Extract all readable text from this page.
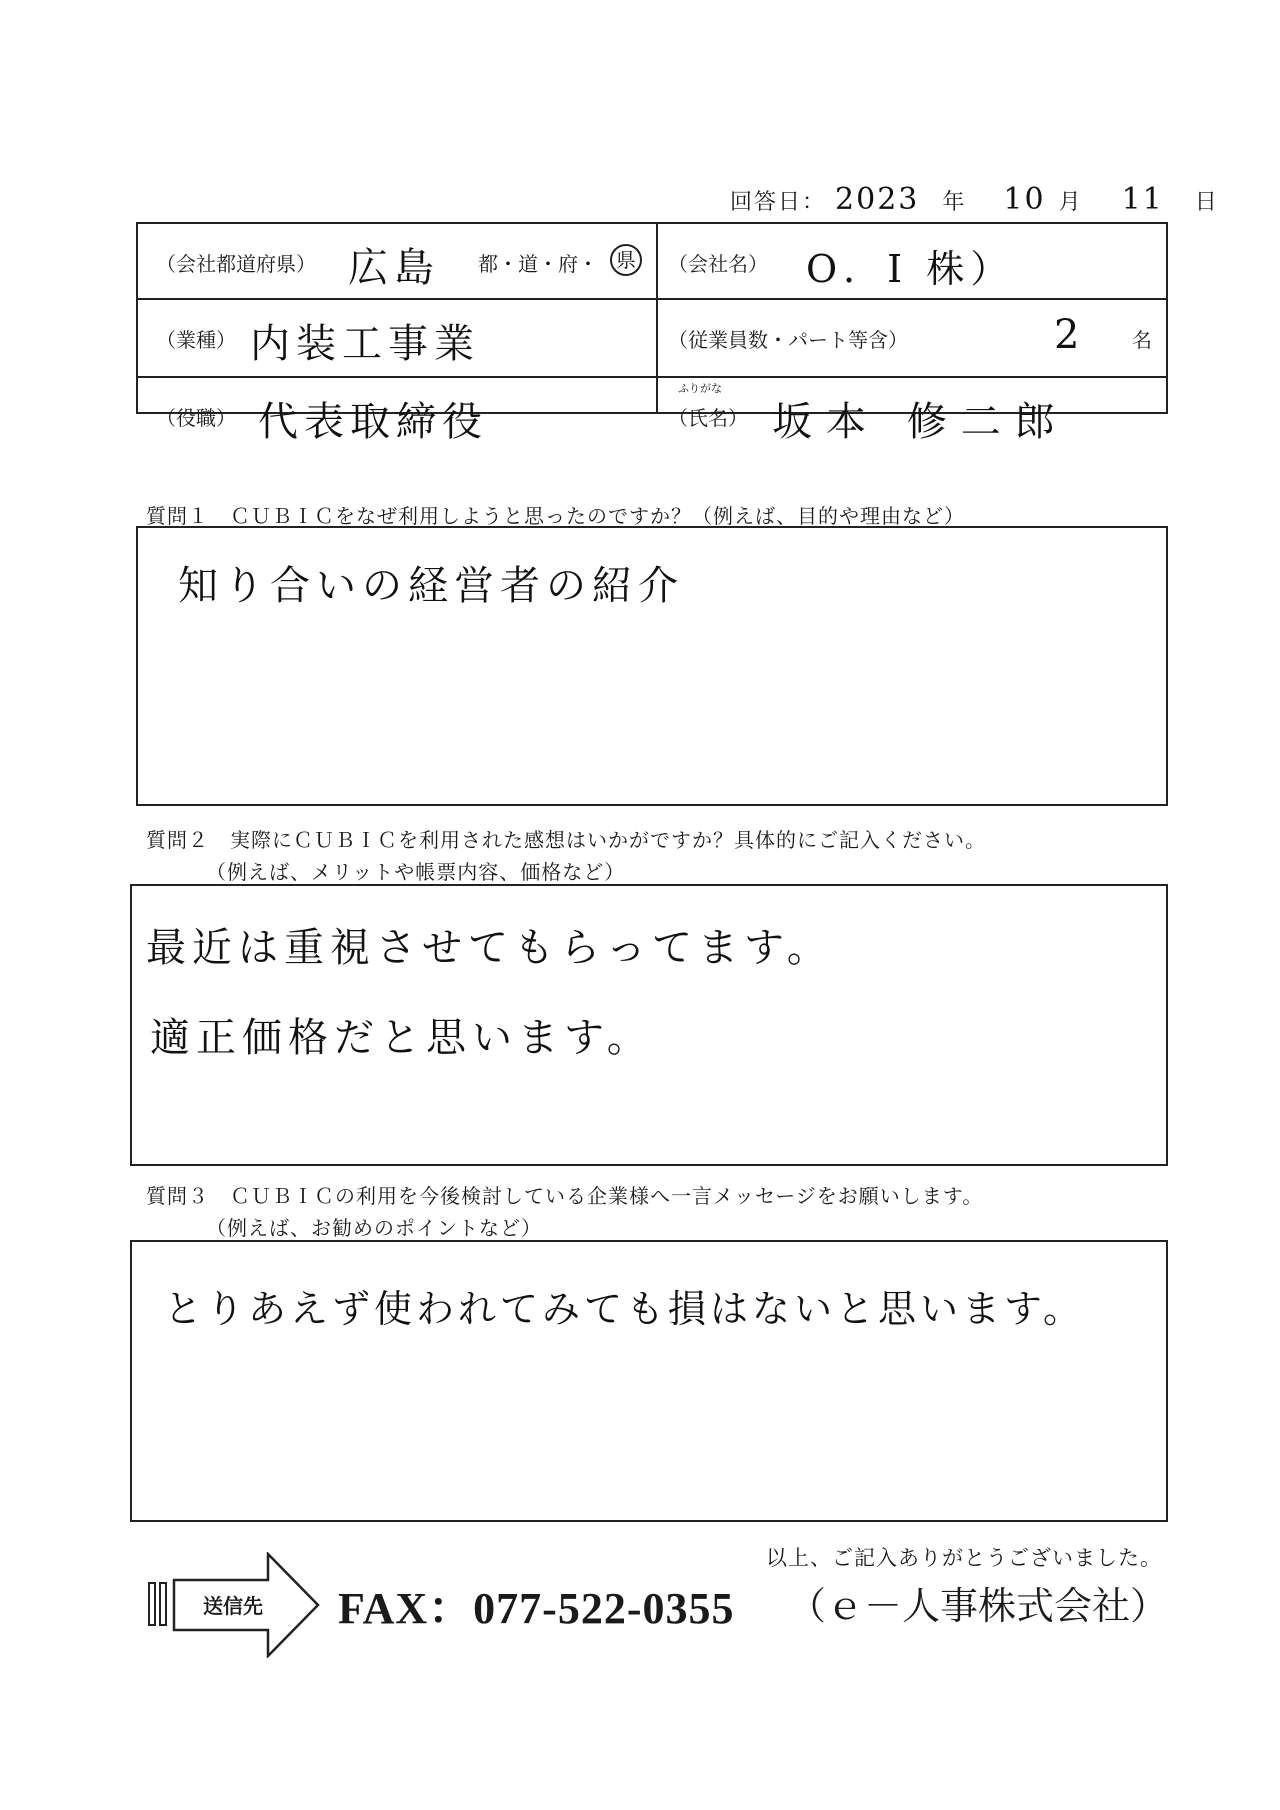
回答日： 2023 年 10 月 11 日
（会社都道府県） 広島 都・道・府・ 県	（会社名） O．I 株）
（業種） 内装工事業	（従業員数・パート等含）	2 名
（役職） 代表取締役
ふりがな
（氏名） 坂本 修二郎
質問１　ＣＵＢＩＣをなぜ利用しようと思ったのですか？（例えば、目的や理由など）
知り合いの経営者の紹介
質問２　実際にＣＵＢＩＣを利用された感想はいかがですか？具体的にご記入ください。
（例えば、メリットや帳票内容、価格など）
最近は重視させてもらってます。
適正価格だと思います。
質問３　ＣＵＢＩＣの利用を今後検討している企業様へ一言メッセージをお願いします。
（例えば、お勧めのポイントなど）
とりあえず使われてみても損はないと思います。
以上、ご記入ありがとうございました。
送信先 FAX：077-522-0355 （ｅ－人事株式会社）
